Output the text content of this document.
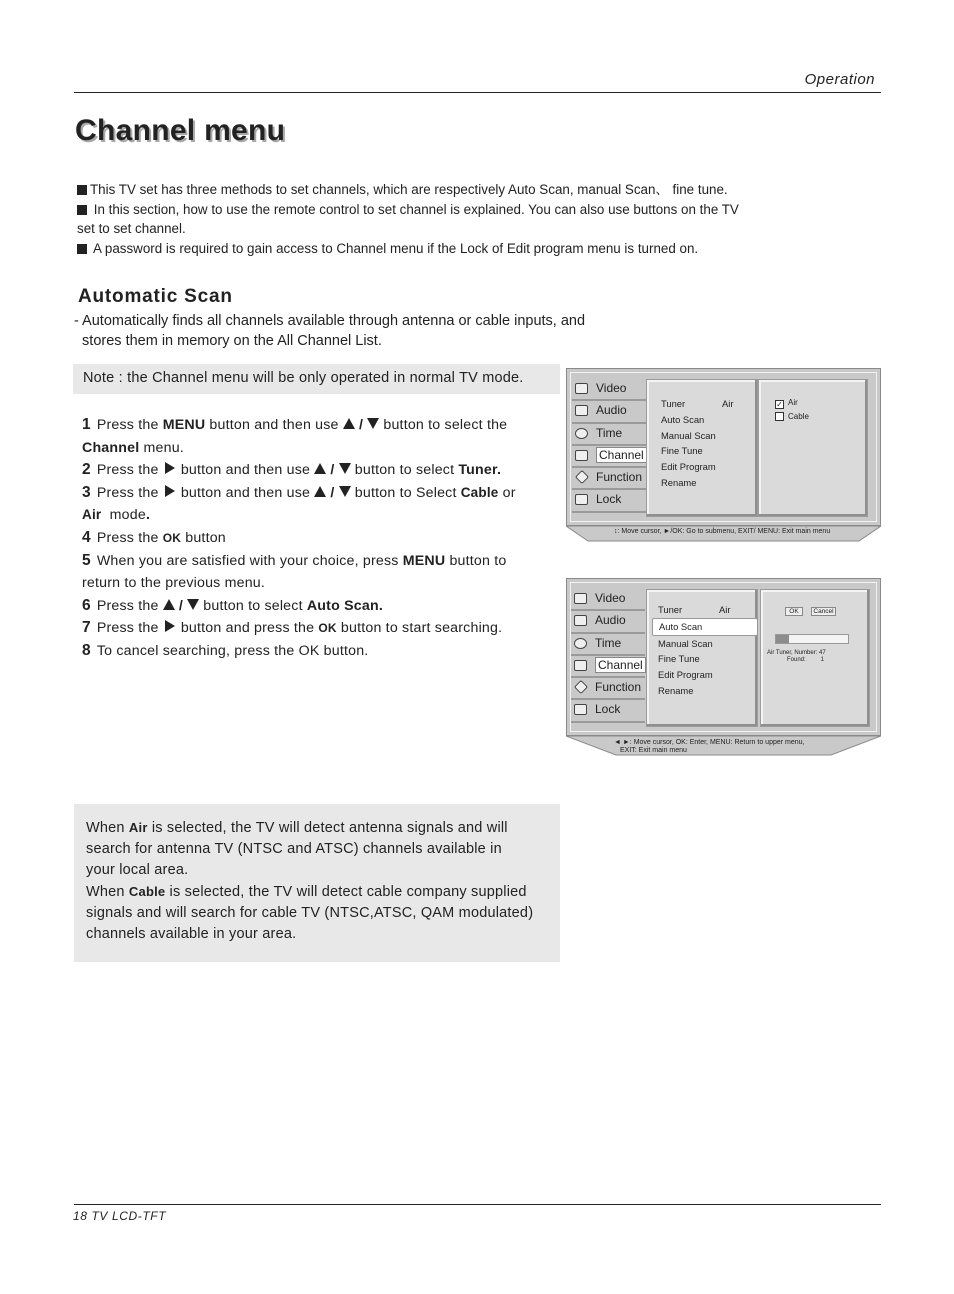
Operation
Channel menu

This TV set has three methods to set channels, which are respectively Auto Scan, manual Scan、 fine tune.

In this section, how to use the remote control to set channel is explained. You can also use buttons on the TV

set to set channel.

A password is required to gain access to Channel menu if the Lock of Edit program menu is turned on.

Automatic Scan
- Automatically finds all channels available through antenna or cable inputs, and
stores them in memory on the All Channel List.
Note : the Channel menu will be only operated in normal TV mode.
1 Press the MENU button and then use  /  button to select the
Channel menu.
2 Press the  button and then use  /  button to select Tuner.
3 Press the  button and then use  /  button to Select Cable or
Air  mode.
4 Press the OK button
5 When you are satisfied with your choice, press MENU button to
return to the previous menu.
6 Press the  /  button to select Auto Scan.
7 Press the  button and press the OK button to start searching.
8 To cancel searching, press the OK button.
Video
Audio
Time
Channel
Function
Lock
Tuner	Air
Auto Scan
Manual Scan
Fine Tune
Edit Program
Rename
✓ Air
Cable
↕: Move cursor, ►/OK: Go to submenu, EXIT/ MENU: Exit main menu
Video
Audio
Time
Channel
Function
Lock
Tuner	Air
Auto Scan
Manual Scan
Fine Tune
Edit Program
Rename
OK	Cancel
Air Tuner, Number: 47
Found:         1
◄ ►: Move cursor, OK: Enter, MENU: Return to upper menu,
EXIT: Exit main menu
When Air is selected, the TV will detect antenna signals and will
search for antenna TV (NTSC and ATSC) channels available in
your local area.
When Cable is selected, the TV will detect cable company supplied
signals and will search for cable TV (NTSC,ATSC, QAM modulated)
channels available in your area.
18 TV LCD-TFT
